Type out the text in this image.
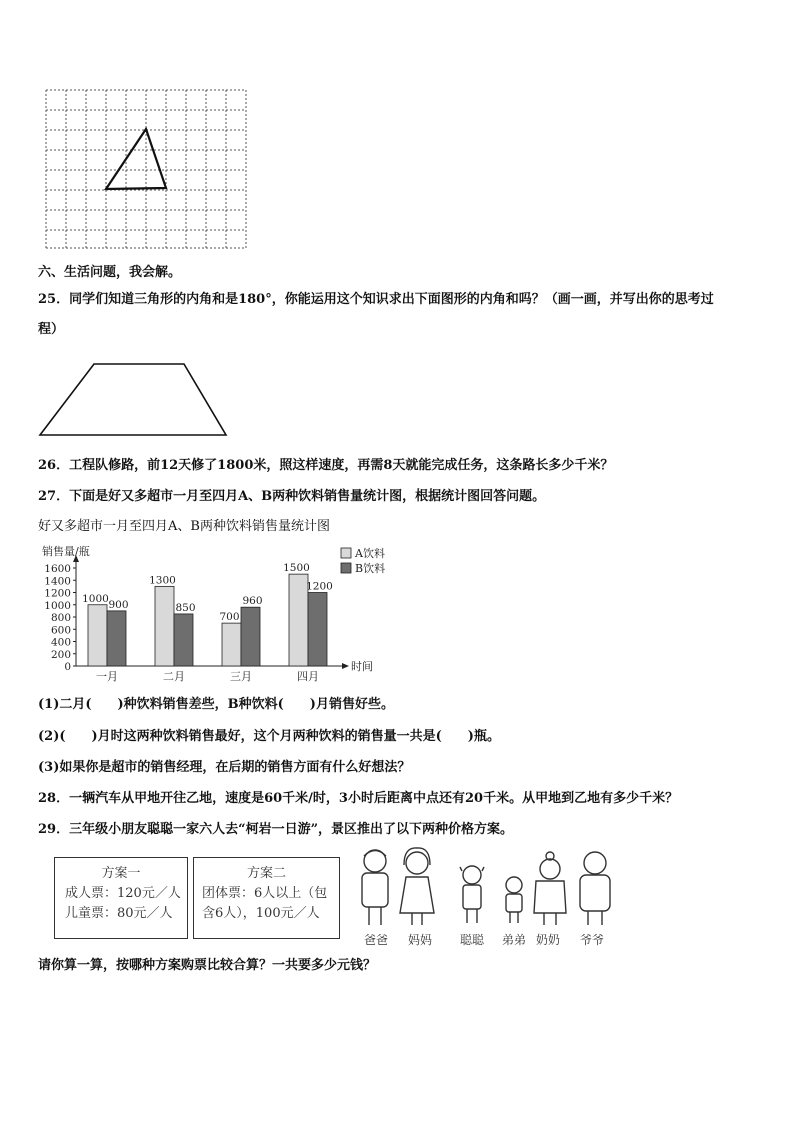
六、生活问题，我会解。
25．同学们知道三角形的内角和是180°，你能运用这个知识求出下面图形的内角和吗？（画一画，并写出你的思考过
程）
26．工程队修路，前12天修了1800米，照这样速度，再需8天就能完成任务，这条路长多少千米？
27．下面是好又多超市一月至四月A、B两种饮料销售量统计图，根据统计图回答问题。
好又多超市一月至四月A、B两种饮料销售量统计图
销售量/瓶
时间
0
200
400
600
800
1000
1200
1400
1600
1000
900
一月
1300
850
二月
700
960
三月
1500
1200
四月
A饮料
B饮料
(1)二月(　　)种饮料销售差些，B种饮料(　　)月销售好些。
(2)(　　)月时这两种饮料销售最好，这个月两种饮料的销售量一共是(　　)瓶。
(3)如果你是超市的销售经理，在后期的销售方面有什么好想法？
28．一辆汽车从甲地开往乙地，速度是60千米/时，3小时后距离中点还有20千米。从甲地到乙地有多少千米？
29．三年级小朋友聪聪一家六人去“柯岩一日游”，景区推出了以下两种价格方案。
方案一
成人票：120元／人
儿童票：80元／人
方案二
团体票：6人以上（包
含6人），100元／人
爸爸 妈妈 聪聪 弟弟 奶奶 爷爷
请你算一算，按哪种方案购票比较合算？一共要多少元钱？
